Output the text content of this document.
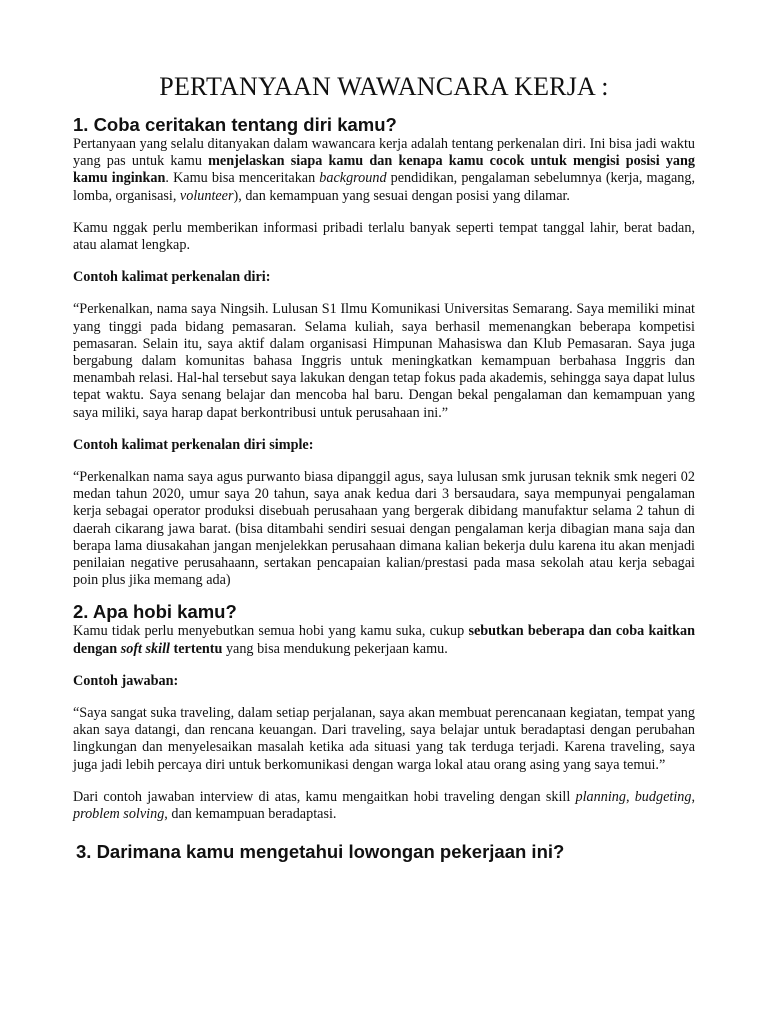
PERTANYAAN WAWANCARA KERJA :
1. Coba ceritakan tentang diri kamu?

Pertanyaan yang selalu ditanyakan dalam wawancara kerja adalah tentang perkenalan diri. Ini bisa jadi waktu yang pas untuk kamu menjelaskan siapa kamu dan kenapa kamu cocok untuk mengisi posisi yang kamu inginkan. Kamu bisa menceritakan background pendidikan, pengalaman sebelumnya (kerja, magang, lomba, organisasi, volunteer), dan kemampuan yang sesuai dengan posisi yang dilamar.

Kamu nggak perlu memberikan informasi pribadi terlalu banyak seperti tempat tanggal lahir, berat badan, atau alamat lengkap.

Contoh kalimat perkenalan diri:

“Perkenalkan, nama saya Ningsih. Lulusan S1 Ilmu Komunikasi Universitas Semarang. Saya memiliki minat yang tinggi pada bidang pemasaran. Selama kuliah, saya berhasil memenangkan beberapa kompetisi pemasaran. Selain itu, saya aktif dalam organisasi Himpunan Mahasiswa dan Klub Pemasaran. Saya juga bergabung dalam komunitas bahasa Inggris untuk meningkatkan kemampuan berbahasa Inggris dan menambah relasi. Hal-hal tersebut saya lakukan dengan tetap fokus pada akademis, sehingga saya dapat lulus tepat waktu. Saya senang belajar dan mencoba hal baru. Dengan bekal pengalaman dan kemampuan yang saya miliki, saya harap dapat berkontribusi untuk perusahaan ini.”

Contoh kalimat perkenalan diri simple:

“Perkenalkan nama saya agus purwanto biasa dipanggil agus, saya lulusan smk jurusan teknik smk negeri 02 medan tahun 2020, umur saya 20 tahun, saya anak kedua dari 3 bersaudara, saya mempunyai pengalaman kerja sebagai operator produksi disebuah perusahaan yang bergerak dibidang manufaktur selama 2 tahun di daerah cikarang jawa barat. (bisa ditambahi sendiri sesuai dengan pengalaman kerja dibagian mana saja dan berapa lama diusakahan jangan menjelekkan perusahaan dimana kalian bekerja dulu karena itu akan menjadi penilaian negative perusahaann, sertakan pencapaian kalian/prestasi pada masa sekolah atau kerja sebagai poin plus jika memang ada)

2. Apa hobi kamu?

Kamu tidak perlu menyebutkan semua hobi yang kamu suka, cukup sebutkan beberapa dan coba kaitkan dengan soft skill tertentu yang bisa mendukung pekerjaan kamu.

Contoh jawaban:

“Saya sangat suka traveling, dalam setiap perjalanan, saya akan membuat perencanaan kegiatan, tempat yang akan saya datangi, dan rencana keuangan. Dari traveling, saya belajar untuk beradaptasi dengan perubahan lingkungan dan menyelesaikan masalah ketika ada situasi yang tak terduga terjadi. Karena traveling, saya juga jadi lebih percaya diri untuk berkomunikasi dengan warga lokal atau orang asing yang saya temui.”

Dari contoh jawaban interview di atas, kamu mengaitkan hobi traveling dengan skill planning, budgeting, problem solving, dan kemampuan beradaptasi.

3. Darimana kamu mengetahui lowongan pekerjaan ini?
